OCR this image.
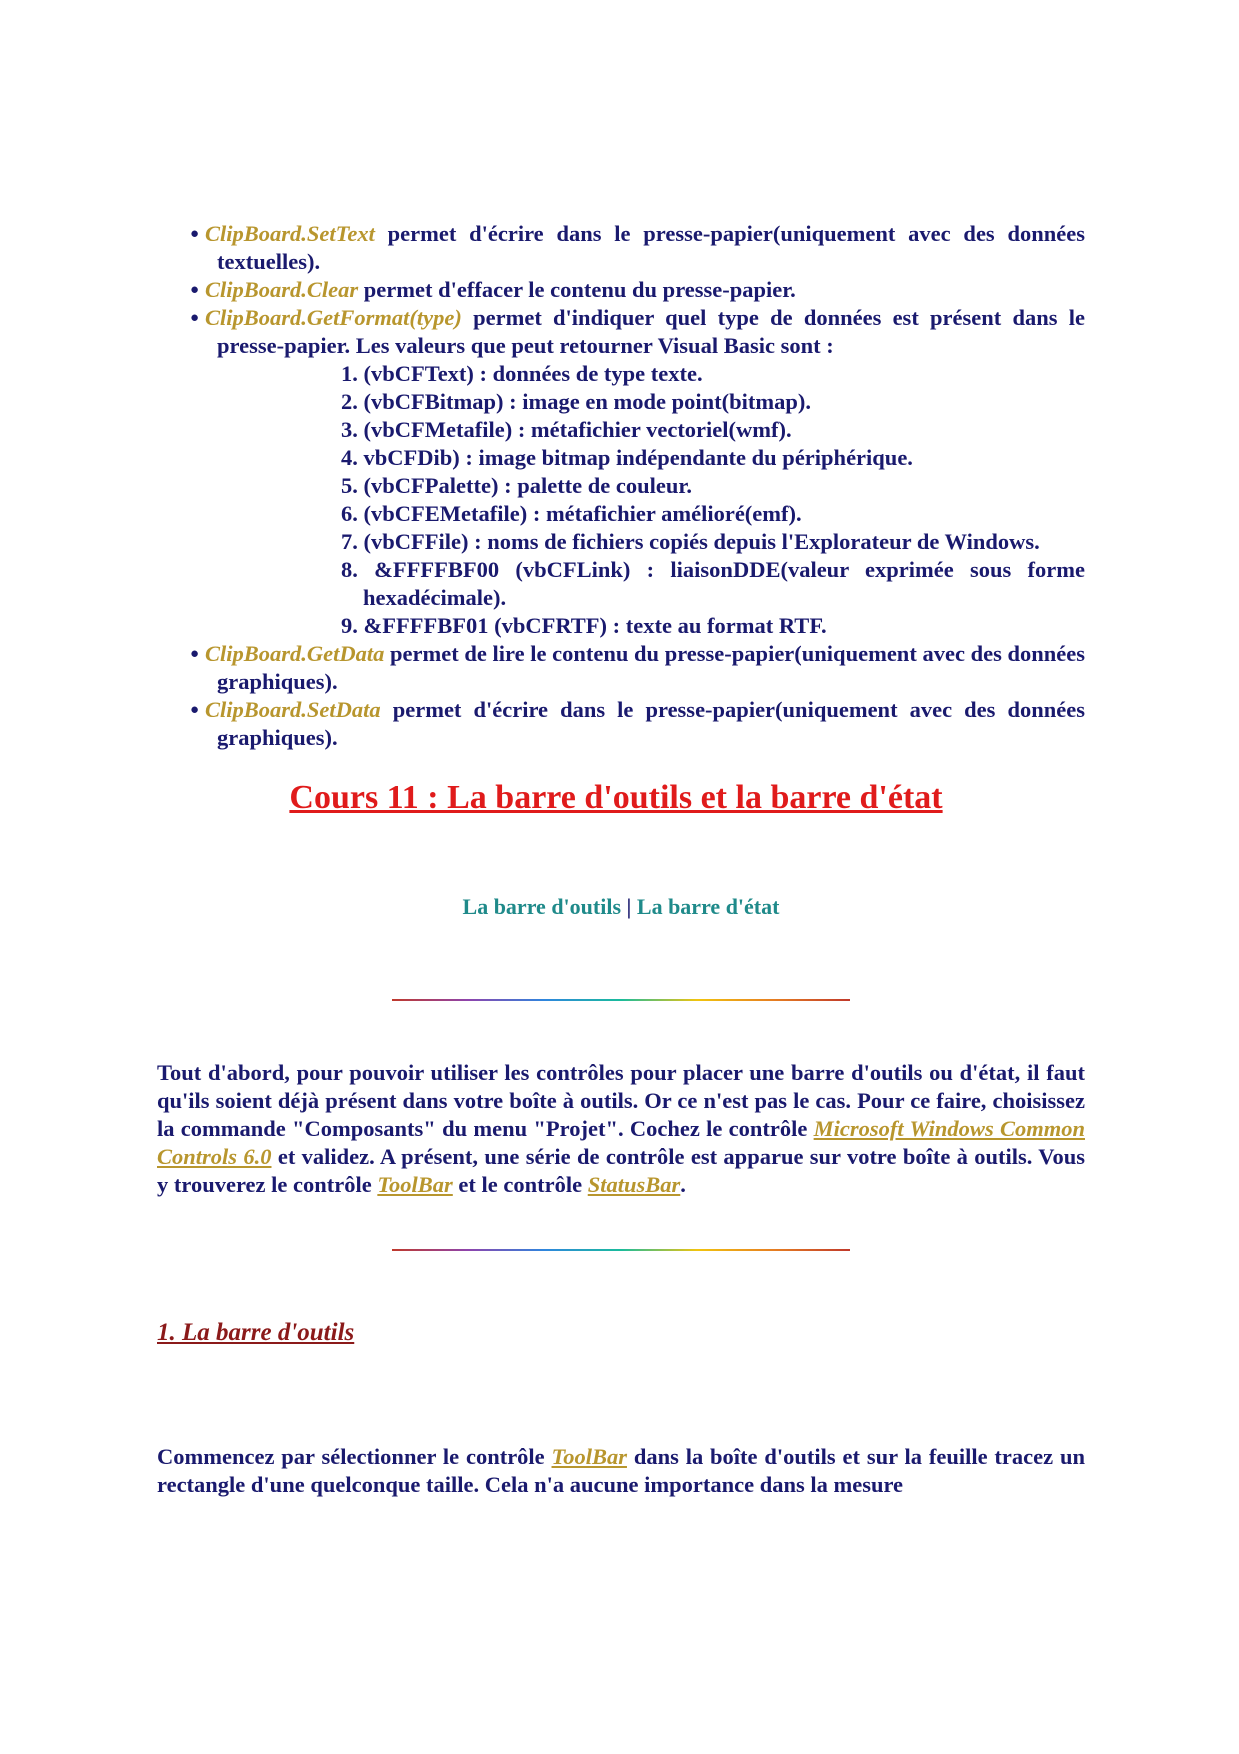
● ClipBoard.SetText permet d'écrire dans le presse-papier(uniquement avec des données textuelles).
● ClipBoard.Clear permet d'effacer le contenu du presse-papier.
● ClipBoard.GetFormat(type) permet d'indiquer quel type de données est présent dans le presse-papier. Les valeurs que peut retourner Visual Basic sont :
1. (vbCFText) : données de type texte.
2. (vbCFBitmap) : image en mode point(bitmap).
3. (vbCFMetafile) : métafichier vectoriel(wmf).
4. vbCFDib) : image bitmap indépendante du périphérique.
5. (vbCFPalette) : palette de couleur.
6. (vbCFEMetafile) : métafichier amélioré(emf).
7. (vbCFFile) : noms de fichiers copiés depuis l'Explorateur de Windows.
8. &FFFFBF00 (vbCFLink) : liaisonDDE(valeur exprimée sous forme hexadécimale).
9. &FFFFBF01 (vbCFRTF) : texte au format RTF.
● ClipBoard.GetData permet de lire le contenu du presse-papier(uniquement avec des données graphiques).
● ClipBoard.SetData permet d'écrire dans le presse-papier(uniquement avec des données graphiques).
Cours 11 : La barre d'outils et la barre d'état
La barre d'outils | La barre d'état

Tout d'abord, pour pouvoir utiliser les contrôles pour placer une barre d'outils ou d'état, il faut qu'ils soient déjà présent dans votre boîte à outils. Or ce n'est pas le cas. Pour ce faire, choisissez la commande "Composants" du menu "Projet". Cochez le contrôle Microsoft Windows Common Controls 6.0 et validez. A présent, une série de contrôle est apparue sur votre boîte à outils. Vous y trouverez le contrôle ToolBar et le contrôle StatusBar.

1. La barre d'outils

Commencez par sélectionner le contrôle ToolBar dans la boîte d'outils et sur la feuille tracez un rectangle d'une quelconque taille. Cela n'a aucune importance dans la mesure
